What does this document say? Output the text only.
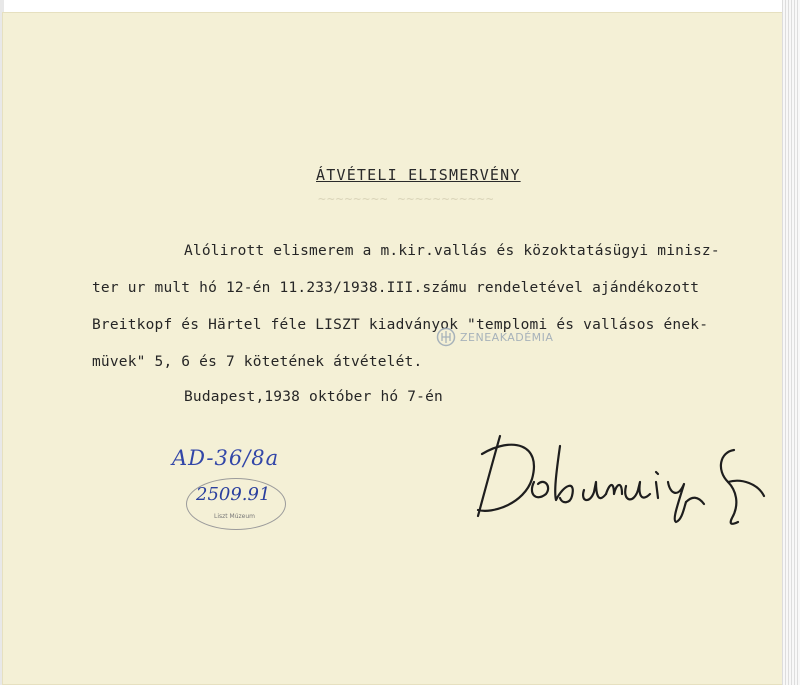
ÁTVÉTELI ELISMERVÉNY
~~~~~~~~ ~~~~~~~~~~~
Alólirott elismerem a m.kir.vallás és közoktatásügyi minisz-
ter ur mult hó 12-én 11.233/1938.III.számu rendeletével ajándékozott
Breitkopf és Härtel féle LISZT kiadványok "templomi és vallásos ének-
müvek" 5, 6 és 7 kötetének átvételét.
Budapest,1938 október hó 7-én
ZENEAKADÉMIA
AD-36/8a
2509.91
Liszt Múzeum
